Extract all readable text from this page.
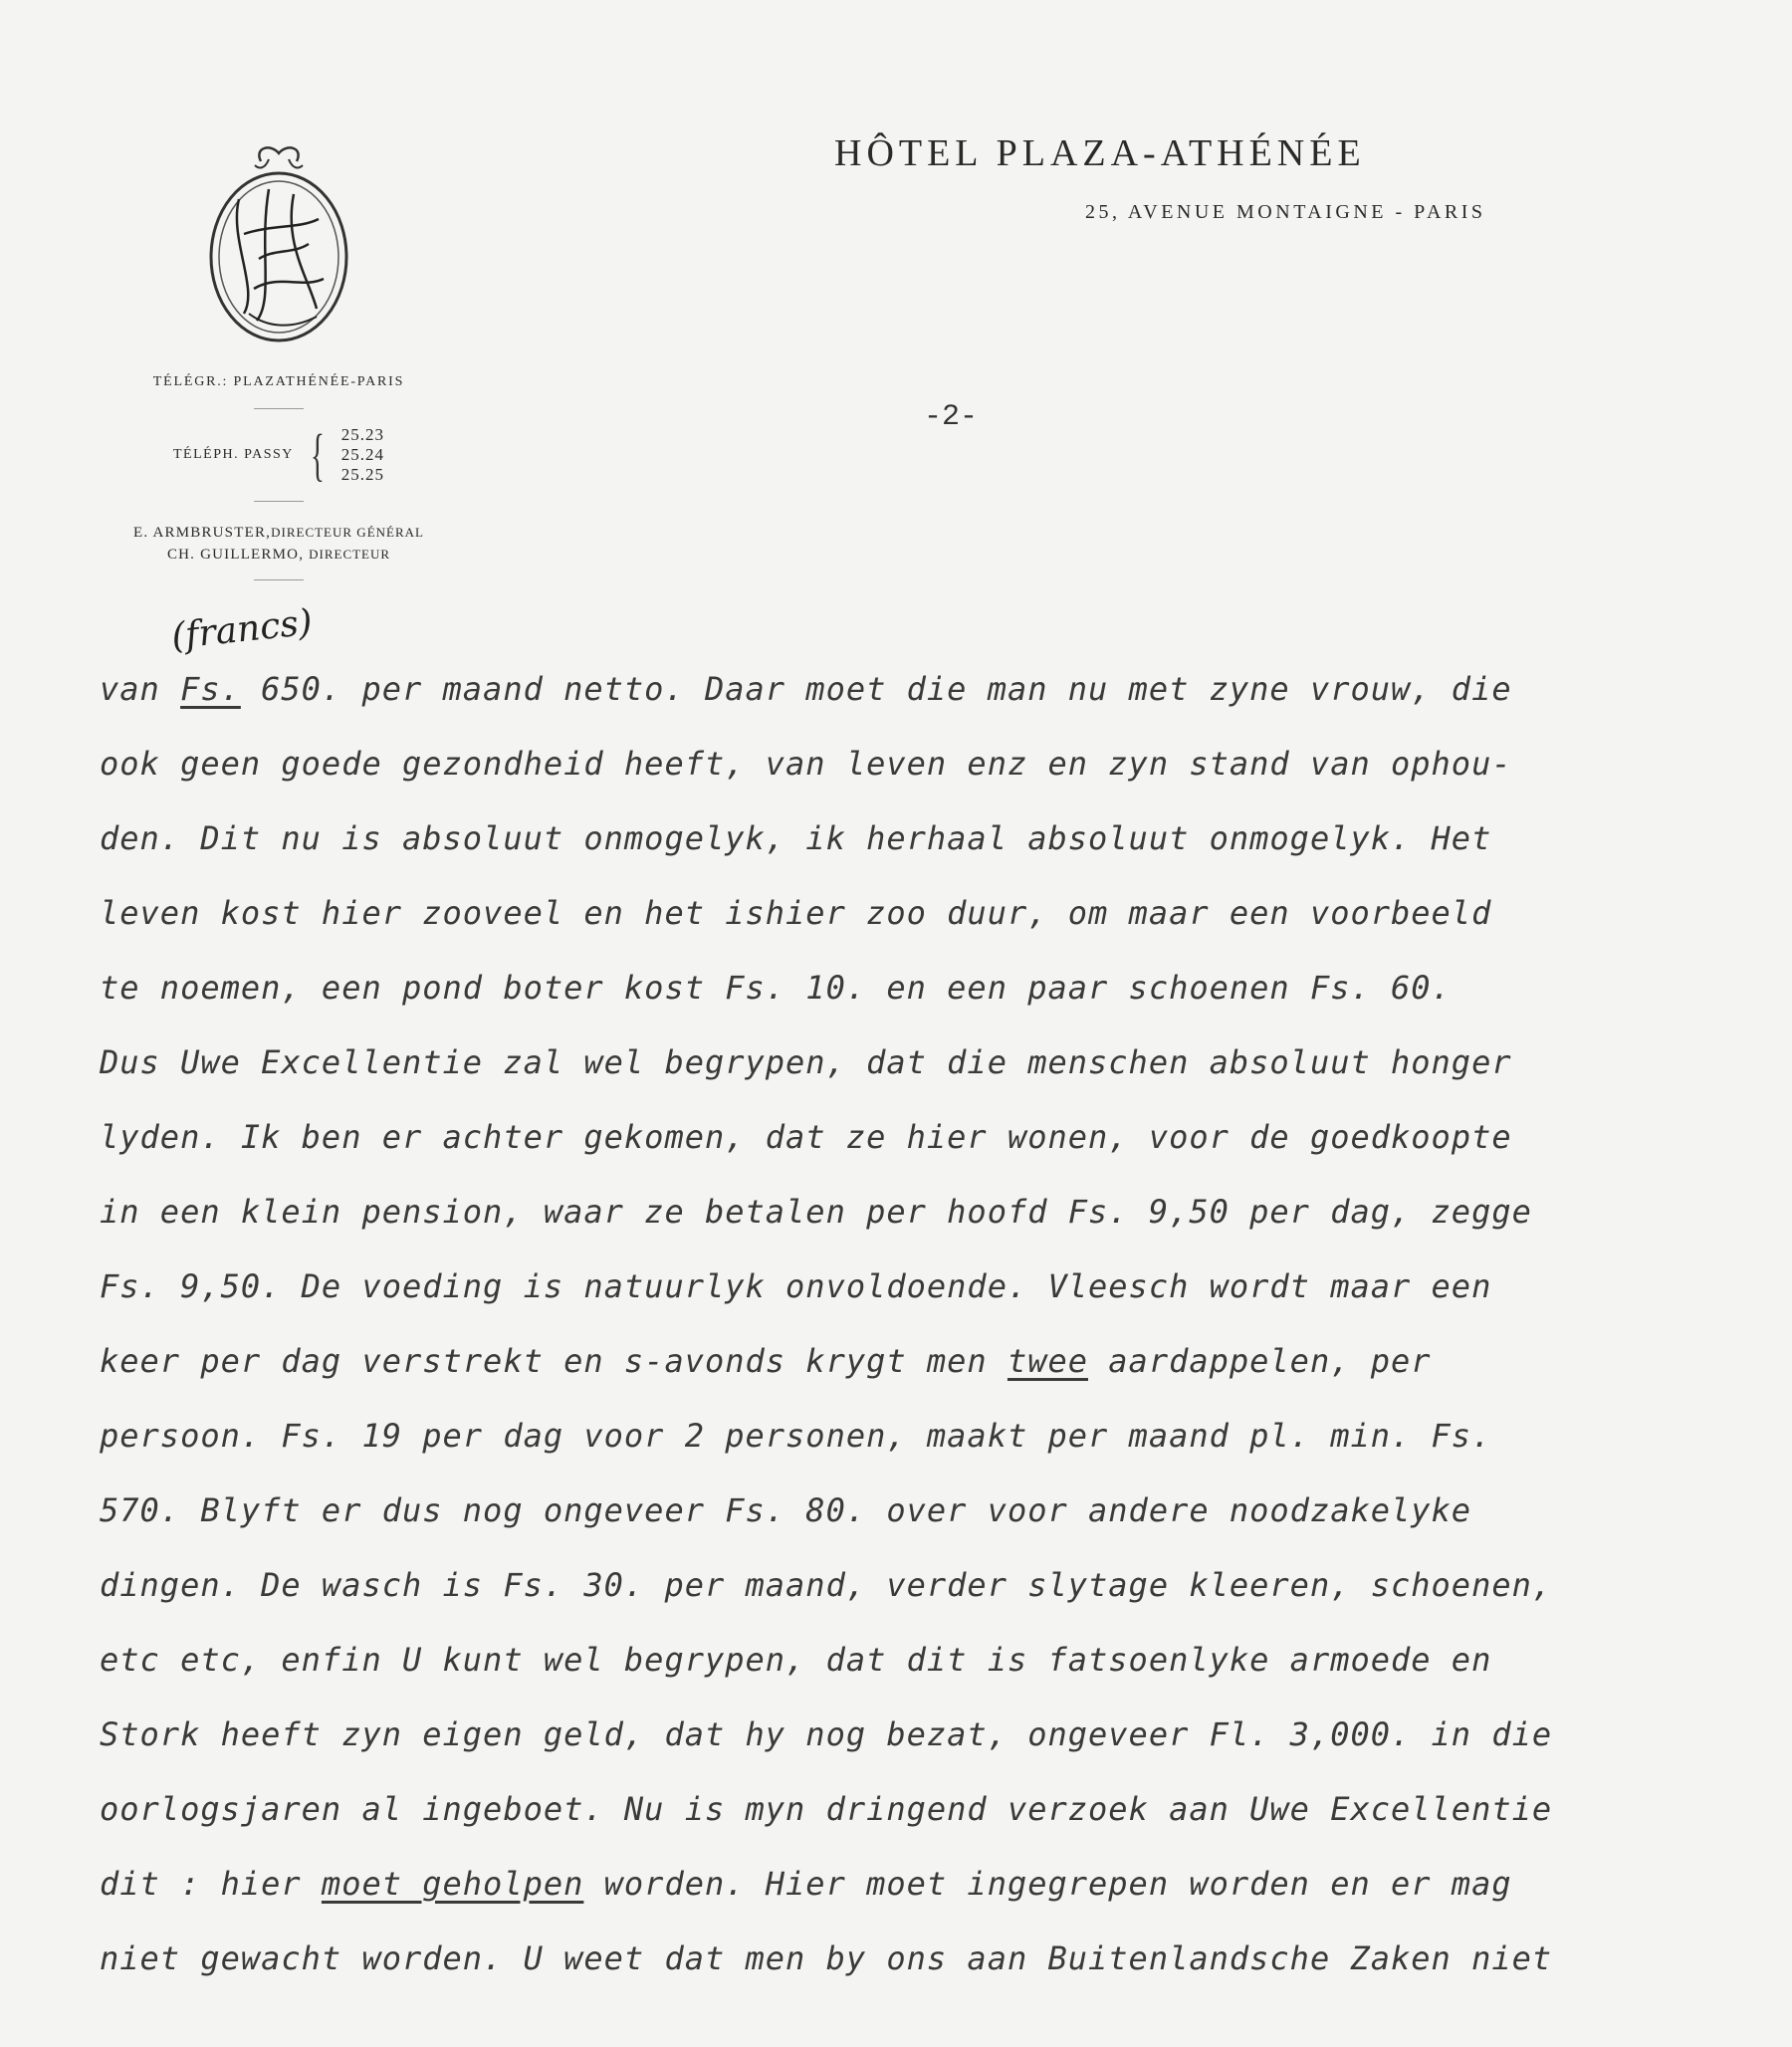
HÔTEL PLAZA-ATHÉNÉE
25, AVENUE MONTAIGNE - PARIS
TÉLÉGR.: PLAZATHÉNÉE-PARIS
TÉLÉPH. PASSY { 25.23
25.24
25.25
E. ARMBRUSTER,DIRECTEUR GÉNÉRAL
CH. GUILLERMO, DIRECTEUR
-2-
(francs)
van Fs. 650. per maand netto. Daar moet die man nu met zyne vrouw, die
ook geen goede gezondheid heeft, van leven enz en zyn stand van ophou-
den. Dit nu is absoluut onmogelyk, ik herhaal absoluut onmogelyk. Het
leven kost hier zooveel en het ishier zoo duur, om maar een voorbeeld
te noemen, een pond boter kost Fs. 10. en een paar schoenen Fs. 60.
Dus Uwe Excellentie zal wel begrypen, dat die menschen absoluut honger
lyden. Ik ben er achter gekomen, dat ze hier wonen, voor de goedkoopte
in een klein pension, waar ze betalen per hoofd Fs. 9,50 per dag, zegge
Fs. 9,50. De voeding is natuurlyk onvoldoende. Vleesch wordt maar een
keer per dag verstrekt en s-avonds krygt men twee aardappelen, per
persoon. Fs. 19 per dag voor 2 personen, maakt per maand pl. min. Fs.
570. Blyft er dus nog ongeveer Fs. 80. over voor andere noodzakelyke
dingen. De wasch is Fs. 30. per maand, verder slytage kleeren, schoenen,
etc etc, enfin U kunt wel begrypen, dat dit is fatsoenlyke armoede en
Stork heeft zyn eigen geld, dat hy nog bezat, ongeveer Fl. 3,000. in die
oorlogsjaren al ingeboet. Nu is myn dringend verzoek aan Uwe Excellentie
dit : hier moet geholpen worden. Hier moet ingegrepen worden en er mag
niet gewacht worden. U weet dat men by ons aan Buitenlandsche Zaken niet
